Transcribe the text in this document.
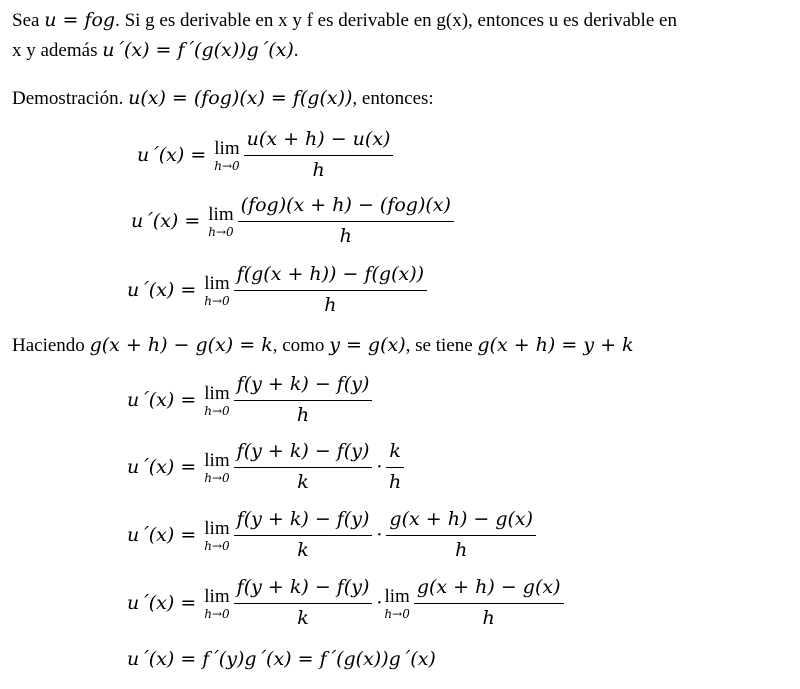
Sea u = fog. Si g es derivable en x y f es derivable en g(x), entonces u es derivable en
x y además u´(x) = f´(g(x))g´(x).
Demostración. u(x) = (fog)(x) = f(g(x)), entonces:
u´(x) = lim
$h\to 0 \frac{u(x + h) - u(x)}{h}$
u´(x) = lim
$h\to 0 \frac{\text{(fog)(x + h) − (fog)(x)}}{h}$
u´(x) = lim
$h\to 0 \frac{f(g(x + h)) - f(g(x))}{h}$
Haciendo g(x + h) − g(x) = k, como y = g(x), se tiene g(x + h) = y + k
u´(x) = lim
$h\to 0 \frac{f(y + k) - f(y)}{h}$
u´(x) = lim
$h\to 0 \frac{f(y + k) - f(y)}{k} \cdot \frac{k}{h}$
u´(x) = lim
$h\to 0 \frac{f(y + k) - f(y)}{k} \cdot \frac{g(x + h) - g(x)}{h}$
u´(x) = lim
$h\to 0 \frac{f(y + k) - f(y)}{k} \cdot \lim$
$h\to 0 \frac{g(x + h) - g(x)}{h}$
u´(x) = f´(y)g´(x) = f´(g(x))g´(x)
